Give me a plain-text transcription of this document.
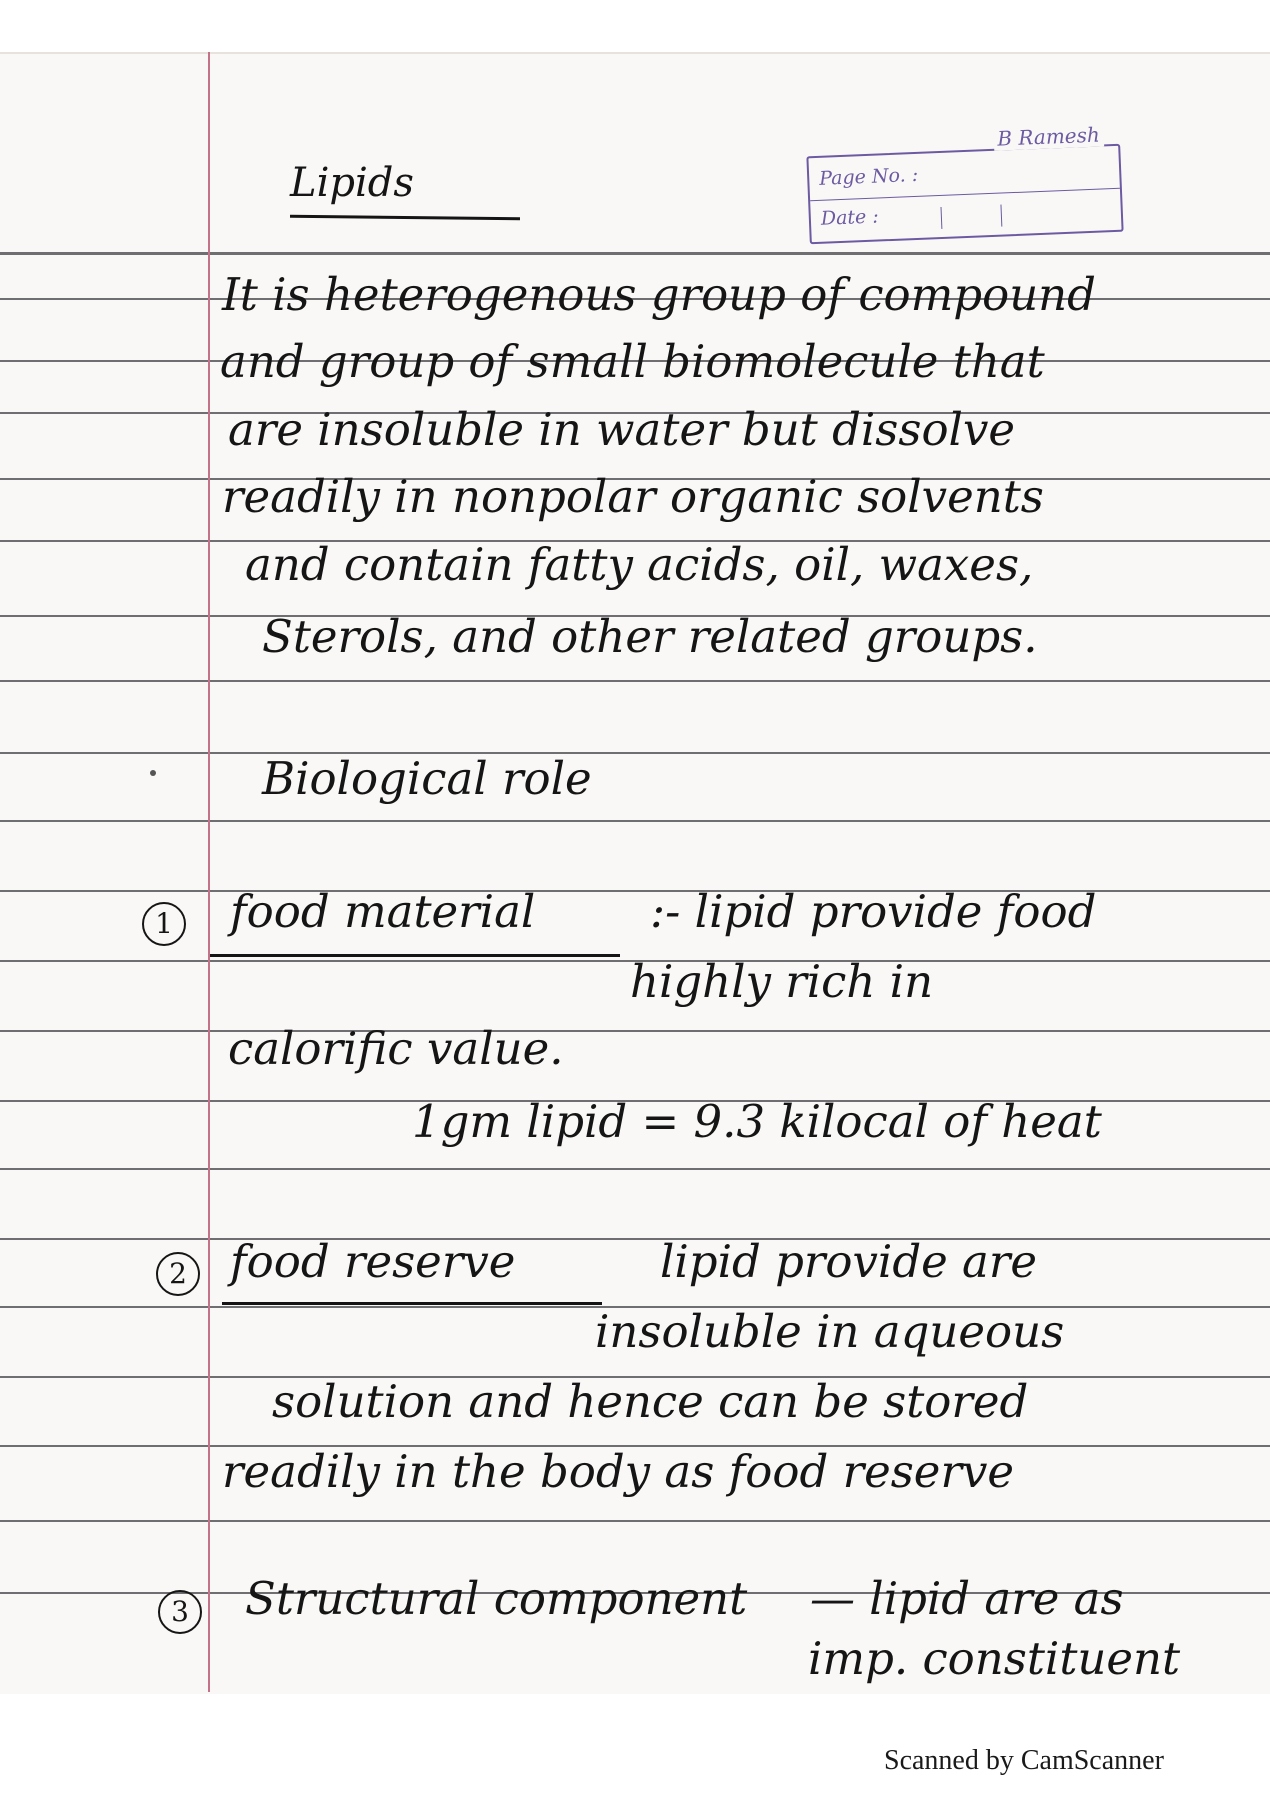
B Ramesh
Page No. :
Date :
Lipids
It is heterogenous group of compound
and group of small biomolecule that
are insoluble in water but dissolve
readily in nonpolar organic solvents
and contain fatty acids, oil, waxes,
Sterols, and other related groups.
Biological role
1 food material	:- lipid provide food
highly rich in
calorific value.
1gm lipid = 9.3 kilocal of heat
2 food reserve	lipid provide are
insoluble in aqueous
solution and hence can be stored
readily in the body as food reserve
3 Structural component — lipid are as
imp. constituent
Scanned by CamScanner
